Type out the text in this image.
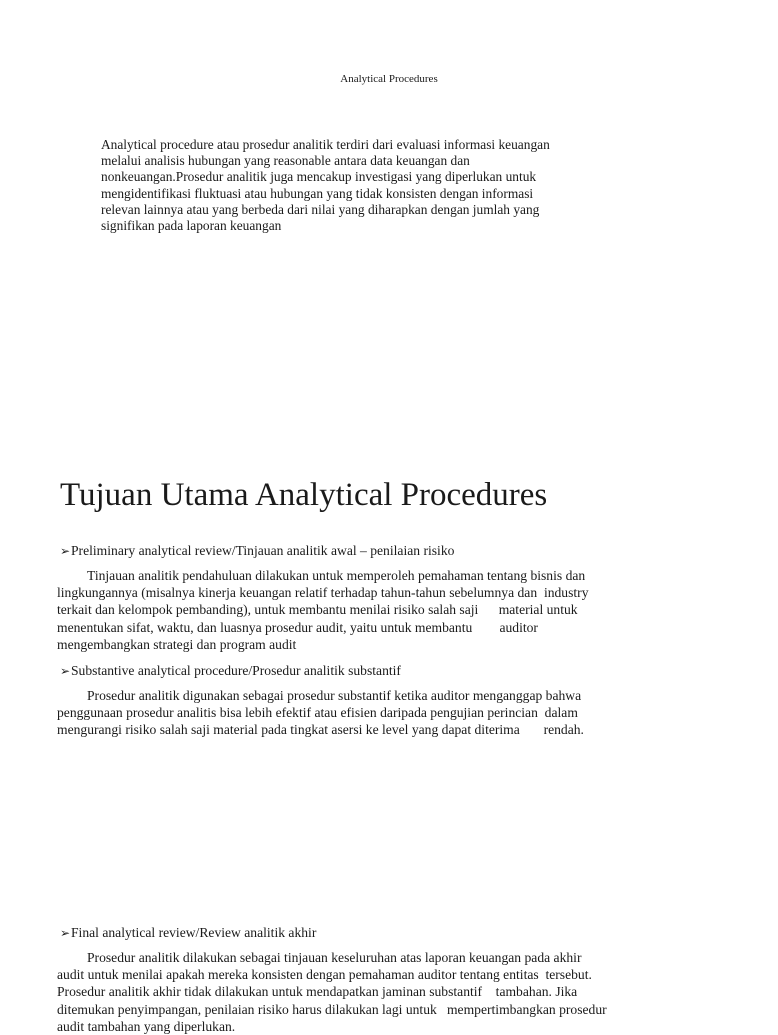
Analytical Procedures
Analytical procedure atau prosedur analitik terdiri dari evaluasi informasi keuangan
melalui analisis hubungan yang reasonable antara data keuangan dan
nonkeuangan.Prosedur analitik juga mencakup investigasi yang diperlukan untuk
mengidentifikasi fluktuasi atau hubungan yang tidak konsisten dengan informasi
relevan lainnya atau yang berbeda dari nilai yang diharapkan dengan jumlah yang
signifikan pada laporan keuangan
Tujuan Utama Analytical Procedures
➢Preliminary analytical review/Tinjauan analitik awal – penilaian risiko
Tinjauan analitik pendahuluan dilakukan untuk memperoleh pemahaman tentang bisnis dan
lingkungannya (misalnya kinerja keuangan relatif terhadap tahun-tahun sebelumnya dan  industry
terkait dan kelompok pembanding), untuk membantu menilai risiko salah saji      material untuk
menentukan sifat, waktu, dan luasnya prosedur audit, yaitu untuk membantu        auditor
mengembangkan strategi dan program audit
➢Substantive analytical procedure/Prosedur analitik substantif
Prosedur analitik digunakan sebagai prosedur substantif ketika auditor menganggap bahwa
penggunaan prosedur analitis bisa lebih efektif atau efisien daripada pengujian perincian  dalam
mengurangi risiko salah saji material pada tingkat asersi ke level yang dapat diterima       rendah.
➢Final analytical review/Review analitik akhir
Prosedur analitik dilakukan sebagai tinjauan keseluruhan atas laporan keuangan pada akhir
audit untuk menilai apakah mereka konsisten dengan pemahaman auditor tentang entitas  tersebut.
Prosedur analitik akhir tidak dilakukan untuk mendapatkan jaminan substantif    tambahan. Jika
ditemukan penyimpangan, penilaian risiko harus dilakukan lagi untuk   mempertimbangkan prosedur
audit tambahan yang diperlukan.
